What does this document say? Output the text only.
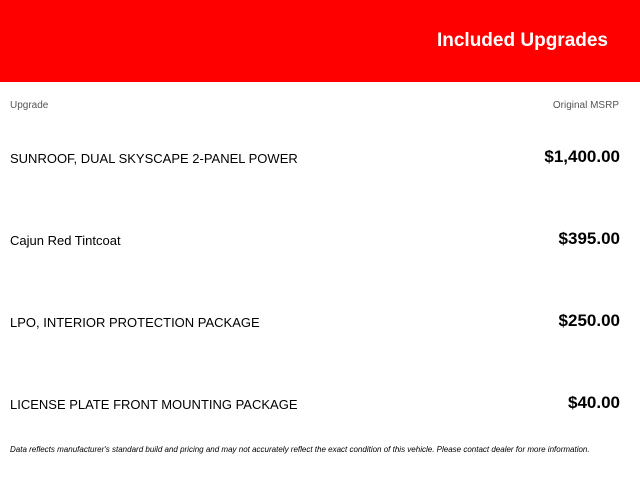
Included Upgrades
Upgrade	Original MSRP
SUNROOF, DUAL SKYSCAPE 2-PANEL POWER	$1,400.00
Cajun Red Tintcoat	$395.00
LPO, INTERIOR PROTECTION PACKAGE	$250.00
LICENSE PLATE FRONT MOUNTING PACKAGE	$40.00
Data reflects manufacturer's standard build and pricing and may not accurately reflect the exact condition of this vehicle. Please contact dealer for more information.
